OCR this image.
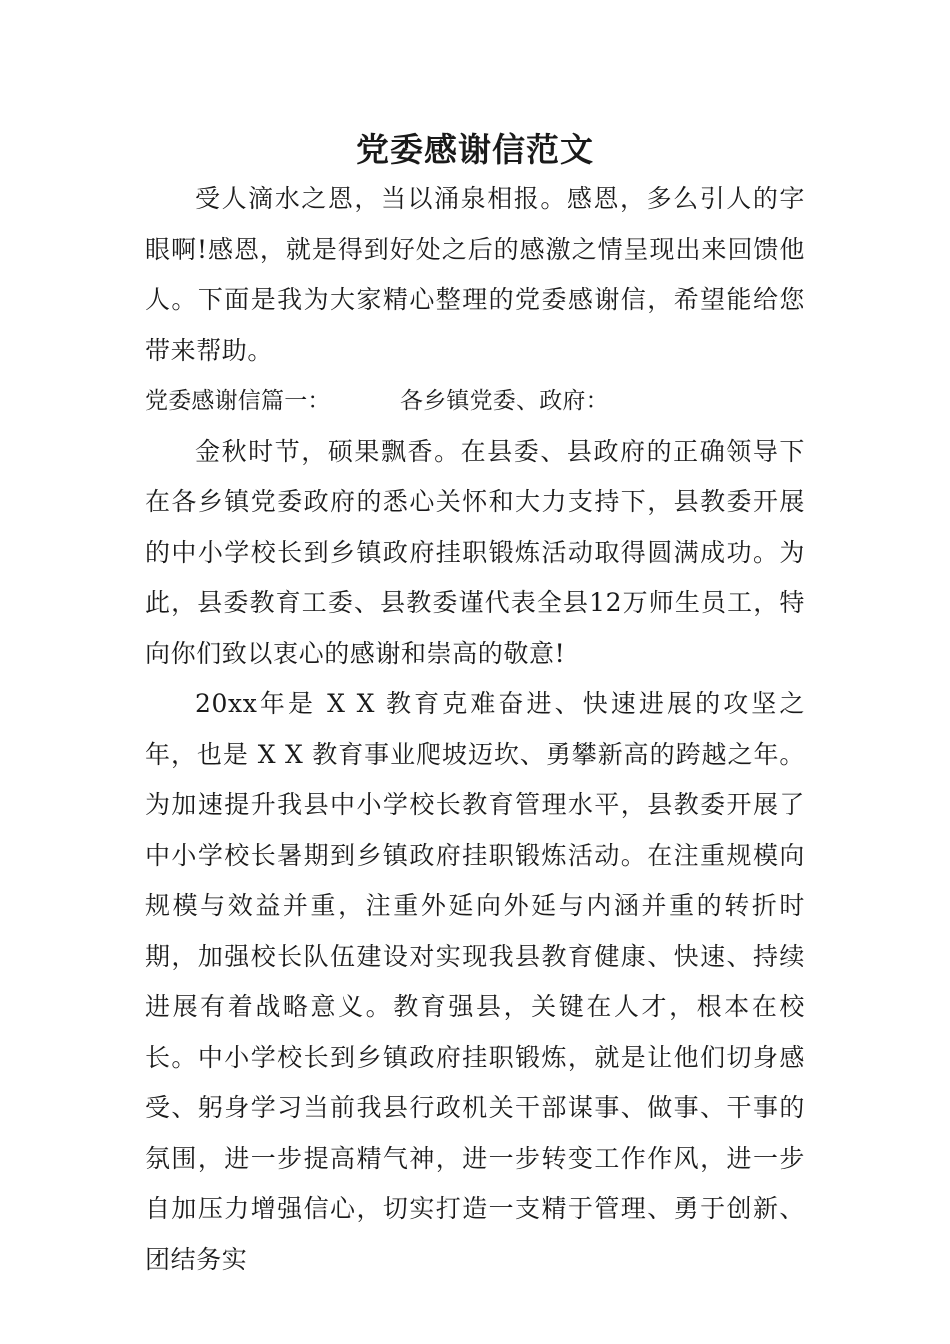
党委感谢信范文

受人滴水之恩，当以涌泉相报。感恩，多么引人的字眼啊!感恩，就是得到好处之后的感激之情呈现出来回馈他人。下面是我为大家精心整理的党委感谢信，希望能给您带来帮助。

党委感谢信篇一：	各乡镇党委、政府：

金秋时节，硕果飘香。在县委、县政府的正确领导下在各乡镇党委政府的悉心关怀和大力支持下，县教委开展的中小学校长到乡镇政府挂职锻炼活动取得圆满成功。为此，县委教育工委、县教委谨代表全县12万师生员工，特向你们致以衷心的感谢和崇高的敬意!

20xx年是 X X 教育克难奋进、快速进展的攻坚之年，也是 X X 教育事业爬坡迈坎、勇攀新高的跨越之年。为加速提升我县中小学校长教育管理水平，县教委开展了中小学校长暑期到乡镇政府挂职锻炼活动。在注重规模向规模与效益并重，注重外延向外延与内涵并重的转折时期，加强校长队伍建设对实现我县教育健康、快速、持续进展有着战略意义。教育强县，关键在人才，根本在校长。中小学校长到乡镇政府挂职锻炼，就是让他们切身感受、躬身学习当前我县行政机关干部谋事、做事、干事的氛围，进一步提高精气神，进一步转变工作作风，进一步自加压力增强信心，切实打造一支精于管理、勇于创新、团结务实
